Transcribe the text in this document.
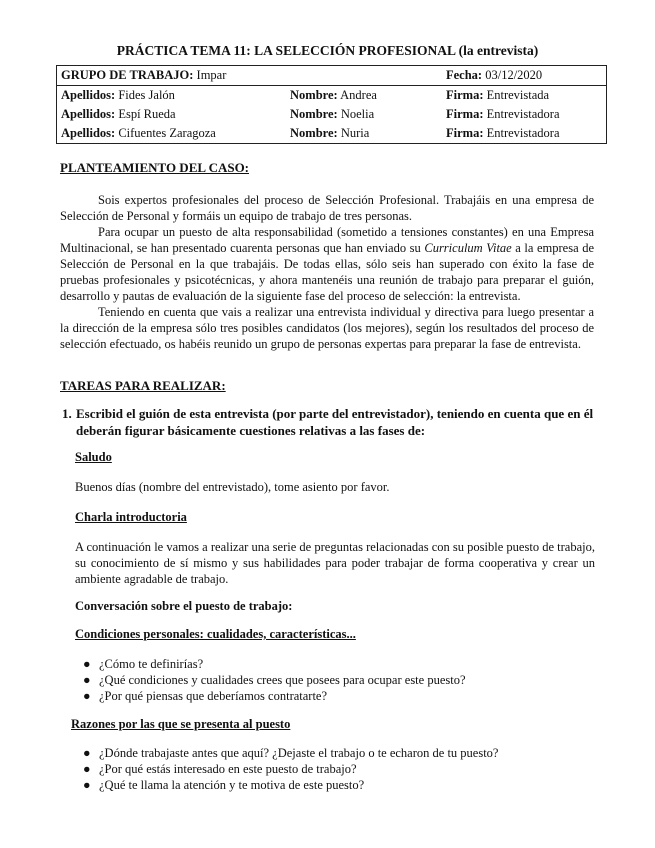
PRÁCTICA TEMA 11: LA SELECCIÓN PROFESIONAL (la entrevista)
GRUPO DE TRABAJO: Impar		Fecha: 03/12/2020
Apellidos: Fides Jalón	Nombre: Andrea	Firma: Entrevistada
Apellidos: Espí Rueda	Nombre: Noelia	Firma: Entrevistadora
Apellidos: Cifuentes Zaragoza	Nombre: Nuria	Firma: Entrevistadora
PLANTEAMIENTO DEL CASO:

Sois expertos profesionales del proceso de Selección Profesional. Trabajáis en una empresa de Selección de Personal y formáis un equipo de trabajo de tres personas.

Para ocupar un puesto de alta responsabilidad (sometido a tensiones constantes) en una Empresa Multinacional, se han presentado cuarenta personas que han enviado su Curriculum Vitae a la empresa de Selección de Personal en la que trabajáis. De todas ellas, sólo seis han superado con éxito la fase de pruebas profesionales y psicotécnicas, y ahora mantenéis una reunión de trabajo para preparar el guión, desarrollo y pautas de evaluación de la siguiente fase del proceso de selección: la entrevista.

Teniendo en cuenta que vais a realizar una entrevista individual y directiva para luego presentar a la dirección de la empresa sólo tres posibles candidatos (los mejores), según los resultados del proceso de selección efectuado, os habéis reunido un grupo de personas expertas para preparar la fase de entrevista.

TAREAS PARA REALIZAR:
1. Escribid el guión de esta entrevista (por parte del entrevistador), teniendo en cuenta que en él deberán figurar básicamente cuestiones relativas a las fases de:
Saludo

Buenos días (nombre del entrevistado), tome asiento por favor.

Charla introductoria

A continuación le vamos a realizar una serie de preguntas relacionadas con su posible puesto de trabajo, su conocimiento de sí mismo y sus habilidades para poder trabajar de forma cooperativa y crear un ambiente agradable de trabajo.

Conversación sobre el puesto de trabajo:
Condiciones personales: cualidades, características...
● ¿Cómo te definirías?
● ¿Qué condiciones y cualidades crees que posees para ocupar este puesto?
● ¿Por qué piensas que deberíamos contratarte?
Razones por las que se presenta al puesto
● ¿Dónde trabajaste antes que aquí? ¿Dejaste el trabajo o te echaron de tu puesto?
● ¿Por qué estás interesado en este puesto de trabajo?
● ¿Qué te llama la atención y te motiva de este puesto?
